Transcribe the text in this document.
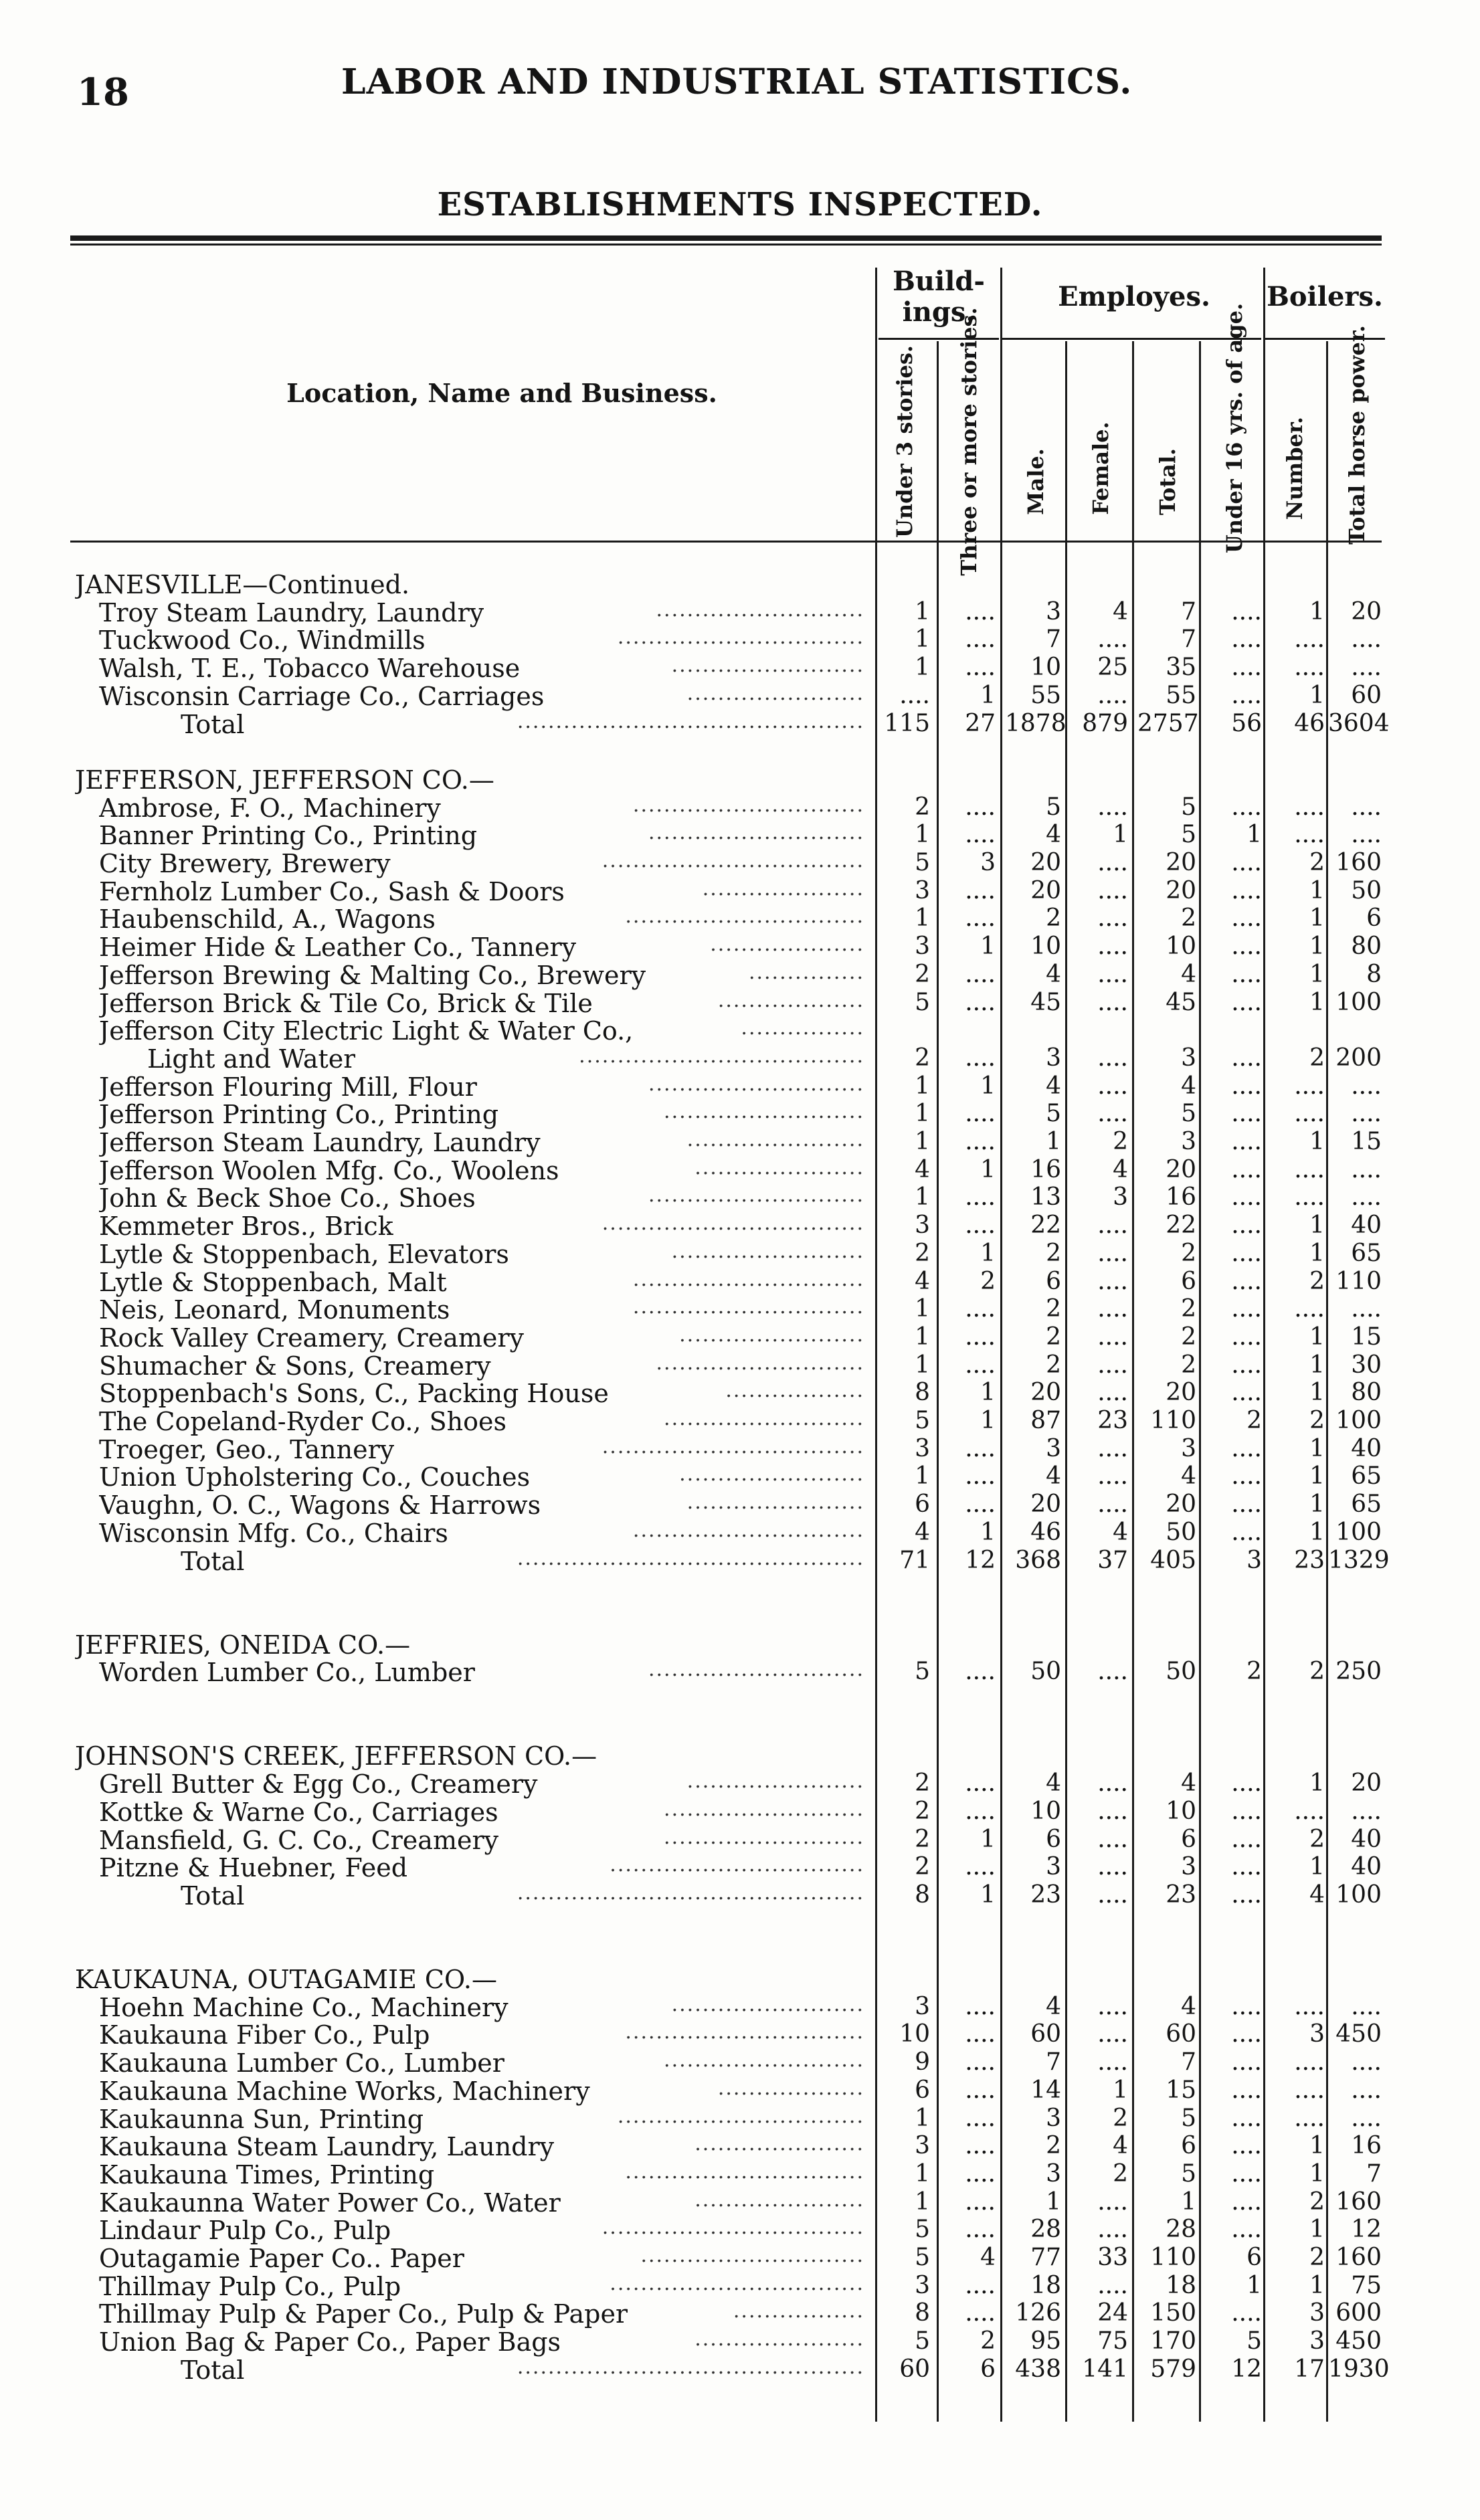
18	LABOR AND INDUSTRIAL STATISTICS.
ESTABLISHMENTS INSPECTED.
Location, Name and Business.
Build-
ings.	Employes.	Boilers.
Under 3 stories. Three or more stories. Male. Female. Total. Under 16 yrs. of age. Number. Total horse power.
JANESVILLE—Continued.
Troy Steam Laundry, Laundry	...........................	1	....	3	4	7	....	1	20
Tuckwood Co., Windmills	................................	1	....	7	....	7	....	....	....
Walsh, T. E., Tobacco Warehouse	.........................	1	....	10	25	35	....	....	....
Wisconsin Carriage Co., Carriages	.......................	....	1	55	....	55	....	1	60
Total	............................................. 115	27 1878 879 2757	56	46 3604
JEFFERSON, JEFFERSON CO.—
Ambrose, F. O., Machinery	..............................	2	....	5	....	5	....	....	....
Banner Printing Co., Printing	............................	1	....	4	1	5	1	....	....
City Brewery, Brewery	..................................	5	3	20	....	20	....	2 160
Fernholz Lumber Co., Sash & Doors	.....................	3	....	20	....	20	....	1	50
Haubenschild, A., Wagons	...............................	1	....	2	....	2	....	1	6
Heimer Hide & Leather Co., Tannery	....................	3	1	10	....	10	....	1	80
Jefferson Brewing & Malting Co., Brewery	...............	2	....	4	....	4	....	1	8
Jefferson Brick & Tile Co, Brick & Tile	...................	5	....	45	....	45	....	1 100
Jefferson City Electric Light & Water Co.,	................
Light and Water	.....................................	2	....	3	....	3	....	2 200
Jefferson Flouring Mill, Flour	............................	1	1	4	....	4	....	....	....
Jefferson Printing Co., Printing	..........................	1	....	5	....	5	....	....	....
Jefferson Steam Laundry, Laundry	.......................	1	....	1	2	3	....	1	15
Jefferson Woolen Mfg. Co., Woolens	......................	4	1	16	4	20	....	....	....
John & Beck Shoe Co., Shoes	............................	1	....	13	3	16	....	....	....
Kemmeter Bros., Brick	..................................	3	....	22	....	22	....	1	40
Lytle & Stoppenbach, Elevators	.........................	2	1	2	....	2	....	1	65
Lytle & Stoppenbach, Malt	..............................	4	2	6	....	6	....	2 110
Neis, Leonard, Monuments	..............................	1	....	2	....	2	....	....	....
Rock Valley Creamery, Creamery	........................	1	....	2	....	2	....	1	15
Shumacher & Sons, Creamery	...........................	1	....	2	....	2	....	1	30
Stoppenbach's Sons, C., Packing House	..................	8	1	20	....	20	....	1	80
The Copeland-Ryder Co., Shoes	..........................	5	1	87	23 110	2	2 100
Troeger, Geo., Tannery	..................................	3	....	3	....	3	....	1	40
Union Upholstering Co., Couches	........................	1	....	4	....	4	....	1	65
Vaughn, O. C., Wagons & Harrows	.......................	6	....	20	....	20	....	1	65
Wisconsin Mfg. Co., Chairs	..............................	4	1	46	4	50	....	1 100
Total	.............................................	71	12 368	37 405	3	23 1329
JEFFRIES, ONEIDA CO.—
Worden Lumber Co., Lumber	............................	5	....	50	....	50	2	2 250
JOHNSON'S CREEK, JEFFERSON CO.—
Grell Butter & Egg Co., Creamery	.......................	2	....	4	....	4	....	1	20
Kottke & Warne Co., Carriages	..........................	2	....	10	....	10	....	....	....
Mansfield, G. C. Co., Creamery	..........................	2	1	6	....	6	....	2	40
Pitzne & Huebner, Feed	.................................	2	....	3	....	3	....	1	40
Total	.............................................	8	1	23	....	23	....	4 100
KAUKAUNA, OUTAGAMIE CO.—
Hoehn Machine Co., Machinery	.........................	3	....	4	....	4	....	....	....
Kaukauna Fiber Co., Pulp	...............................	10	....	60	....	60	....	3 450
Kaukauna Lumber Co., Lumber	..........................	9	....	7	....	7	....	....	....
Kaukauna Machine Works, Machinery	...................	6	....	14	1	15	....	....	....
Kaukaunna Sun, Printing	................................	1	....	3	2	5	....	....	....
Kaukauna Steam Laundry, Laundry	......................	3	....	2	4	6	....	1	16
Kaukauna Times, Printing	...............................	1	....	3	2	5	....	1	7
Kaukaunna Water Power Co., Water	......................	1	....	1	....	1	....	2 160
Lindaur Pulp Co., Pulp	..................................	5	....	28	....	28	....	1	12
Outagamie Paper Co.. Paper	.............................	5	4	77	33 110	6	2 160
Thillmay Pulp Co., Pulp	.................................	3	....	18	....	18	1	1	75
Thillmay Pulp & Paper Co., Pulp & Paper	.................	8	.... 126	24 150	....	3 600
Union Bag & Paper Co., Paper Bags	......................	5	2	95	75 170	5	3 450
Total	.............................................	60	6 438 141 579	12	17 1930
